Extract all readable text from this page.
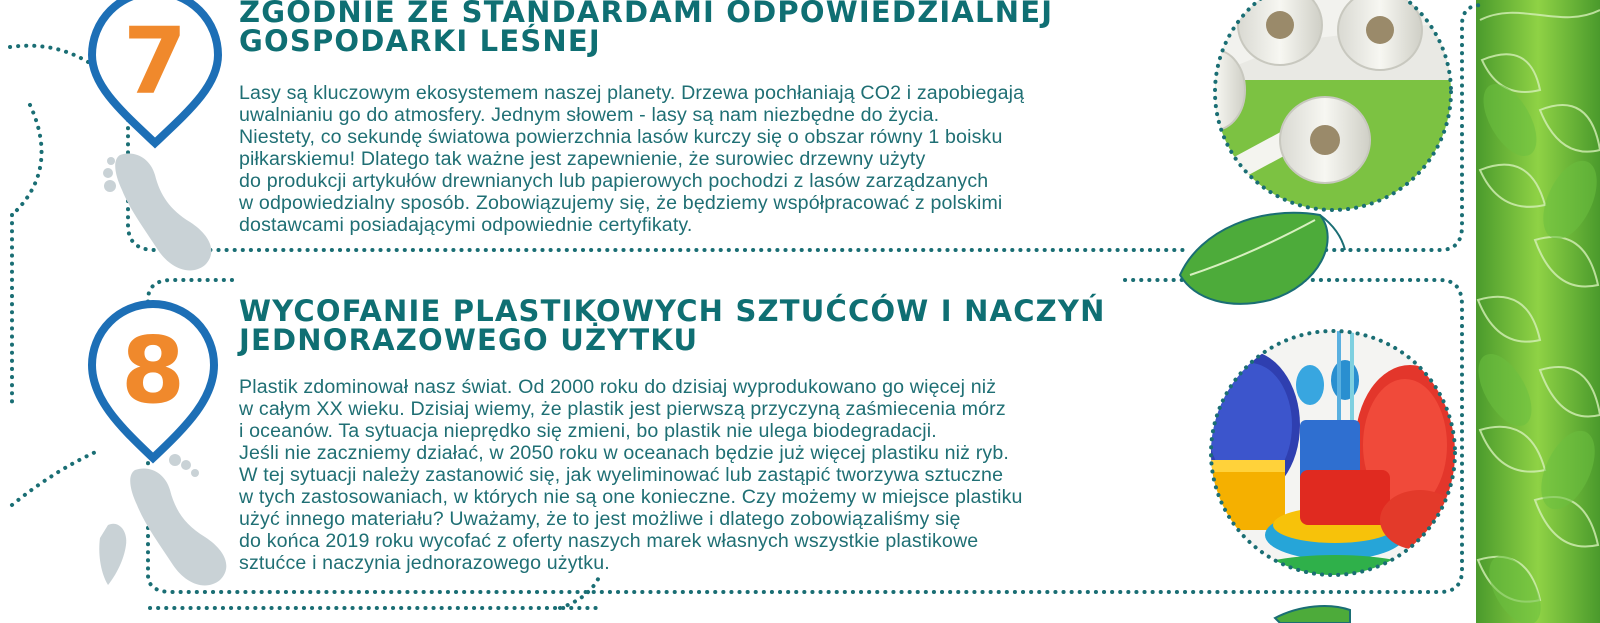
7
8
ZGODNIE ZE STANDARDAMI ODPOWIEDZIALNEJ
GOSPODARKI LEŚNEJ

Lasy są kluczowym ekosystemem naszej planety. Drzewa pochłaniają CO2 i zapobiegają
uwalnianiu go do atmosfery. Jednym słowem - lasy są nam niezbędne do życia.
Niestety, co sekundę światowa powierzchnia lasów kurczy się o obszar równy 1 boisku
piłkarskiemu! Dlatego tak ważne jest zapewnienie, że surowiec drzewny użyty
do produkcji artykułów drewnianych lub papierowych pochodzi z lasów zarządzanych
w odpowiedzialny sposób. Zobowiązujemy się, że będziemy współpracować z polskimi
dostawcami posiadającymi odpowiednie certyfikaty.

WYCOFANIE PLASTIKOWYCH SZTUĆCÓW I NACZYŃ
JEDNORAZOWEGO UŻYTKU

Plastik zdominował nasz świat. Od 2000 roku do dzisiaj wyprodukowano go więcej niż
w całym XX wieku. Dzisiaj wiemy, że plastik jest pierwszą przyczyną zaśmiecenia mórz
i oceanów. Ta sytuacja nieprędko się zmieni, bo plastik nie ulega biodegradacji.
Jeśli nie zaczniemy działać, w 2050 roku w oceanach będzie już więcej plastiku niż ryb.
W tej sytuacji należy zastanowić się, jak wyeliminować lub zastąpić tworzywa sztuczne
w tych zastosowaniach, w których nie są one konieczne. Czy możemy w miejsce plastiku
użyć innego materiału? Uważamy, że to jest możliwe i dlatego zobowiązaliśmy się
do końca 2019 roku wycofać z oferty naszych marek własnych wszystkie plastikowe
sztućce i naczynia jednorazowego użytku.
